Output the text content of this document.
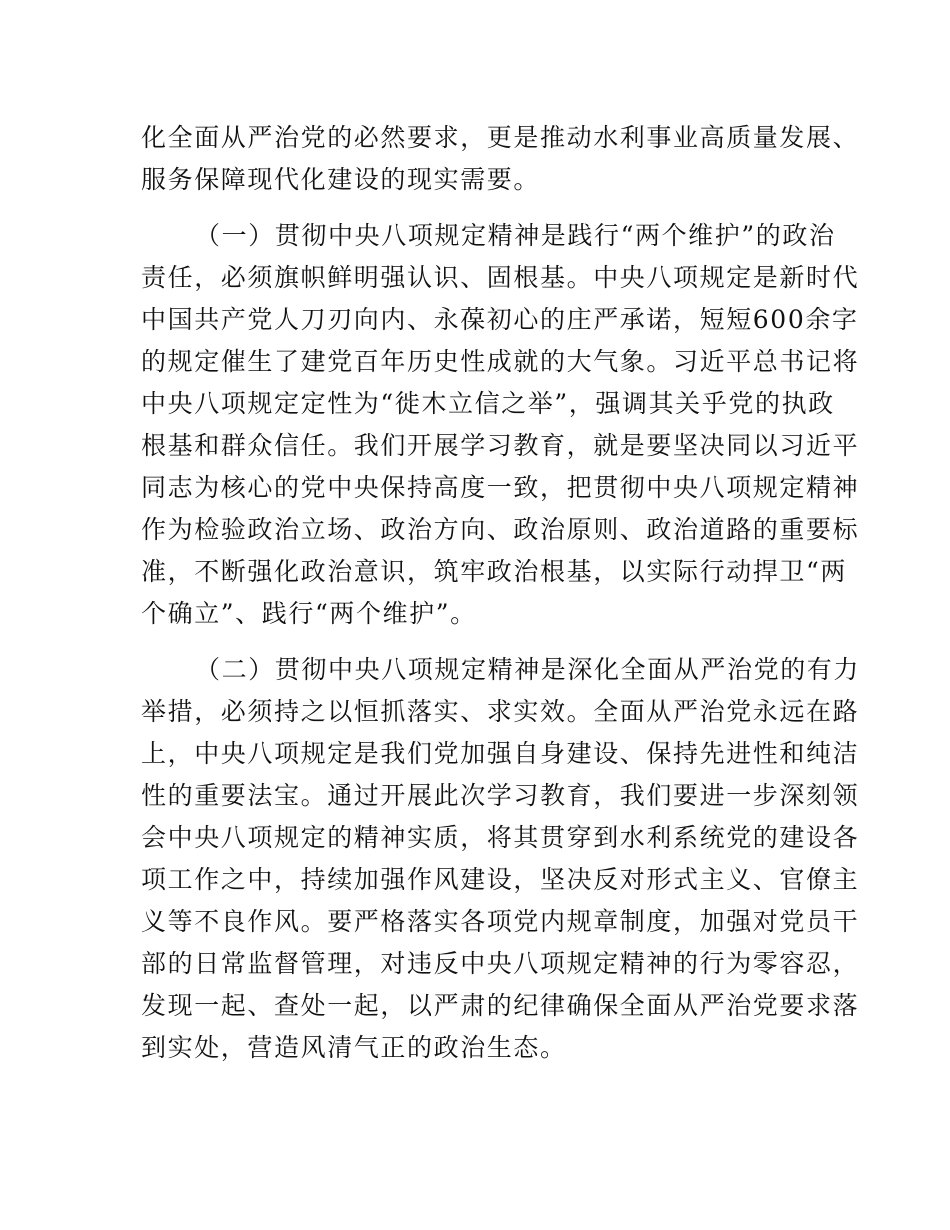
化全面从严治党的必然要求，更是推动水利事业高质量发展、
服务保障现代化建设的现实需要。
（一）贯彻中央八项规定精神是践行“两个维护”的政治
责任，必须旗帜鲜明强认识、固根基。中央八项规定是新时代
中国共产党人刀刃向内、永葆初心的庄严承诺，短短600余字
的规定催生了建党百年历史性成就的大气象。习近平总书记将
中央八项规定定性为“徙木立信之举”，强调其关乎党的执政
根基和群众信任。我们开展学习教育，就是要坚决同以习近平
同志为核心的党中央保持高度一致，把贯彻中央八项规定精神
作为检验政治立场、政治方向、政治原则、政治道路的重要标
准，不断强化政治意识，筑牢政治根基，以实际行动捍卫“两
个确立”、践行“两个维护”。
（二）贯彻中央八项规定精神是深化全面从严治党的有力
举措，必须持之以恒抓落实、求实效。全面从严治党永远在路
上，中央八项规定是我们党加强自身建设、保持先进性和纯洁
性的重要法宝。通过开展此次学习教育，我们要进一步深刻领
会中央八项规定的精神实质，将其贯穿到水利系统党的建设各
项工作之中，持续加强作风建设，坚决反对形式主义、官僚主
义等不良作风。要严格落实各项党内规章制度，加强对党员干
部的日常监督管理，对违反中央八项规定精神的行为零容忍，
发现一起、查处一起，以严肃的纪律确保全面从严治党要求落
到实处，营造风清气正的政治生态。
